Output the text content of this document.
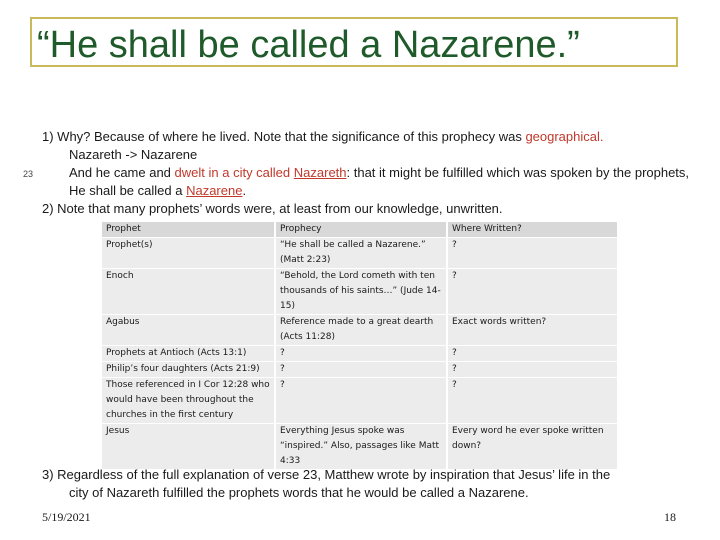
“He shall be called a Nazarene.”
1) Why? Because of where he lived. Note that the significance of this prophecy was geographical.
Nazareth -> Nazarene
23	And he came and dwelt in a city called Nazareth: that it might be fulfilled which was spoken by the prophets, He shall be called a Nazarene.
2) Note that many prophets’ words were, at least from our knowledge, unwritten.
Prophet	Prophecy	Where Written?
Prophet(s)	“He shall be called a Nazarene.” (Matt 2:23)	?
Enoch	“Behold, the Lord cometh with ten thousands of his saints…” (Jude 14-15)	?
Agabus	Reference made to a great dearth (Acts 11:28)	Exact words written?
Prophets at Antioch (Acts 13:1)	?	?
Philip’s four daughters (Acts 21:9)	?	?
Those referenced in I Cor 12:28 who would have been throughout the churches in the first century	?	?
Jesus	Everything Jesus spoke was “inspired.” Also, passages like Matt 4:33	Every word he ever spoke written down?
3) Regardless of the full explanation of verse 23, Matthew wrote by inspiration that Jesus’ life in the
city of Nazareth fulfilled the prophets words that he would be called a Nazarene.
5/19/2021	18
